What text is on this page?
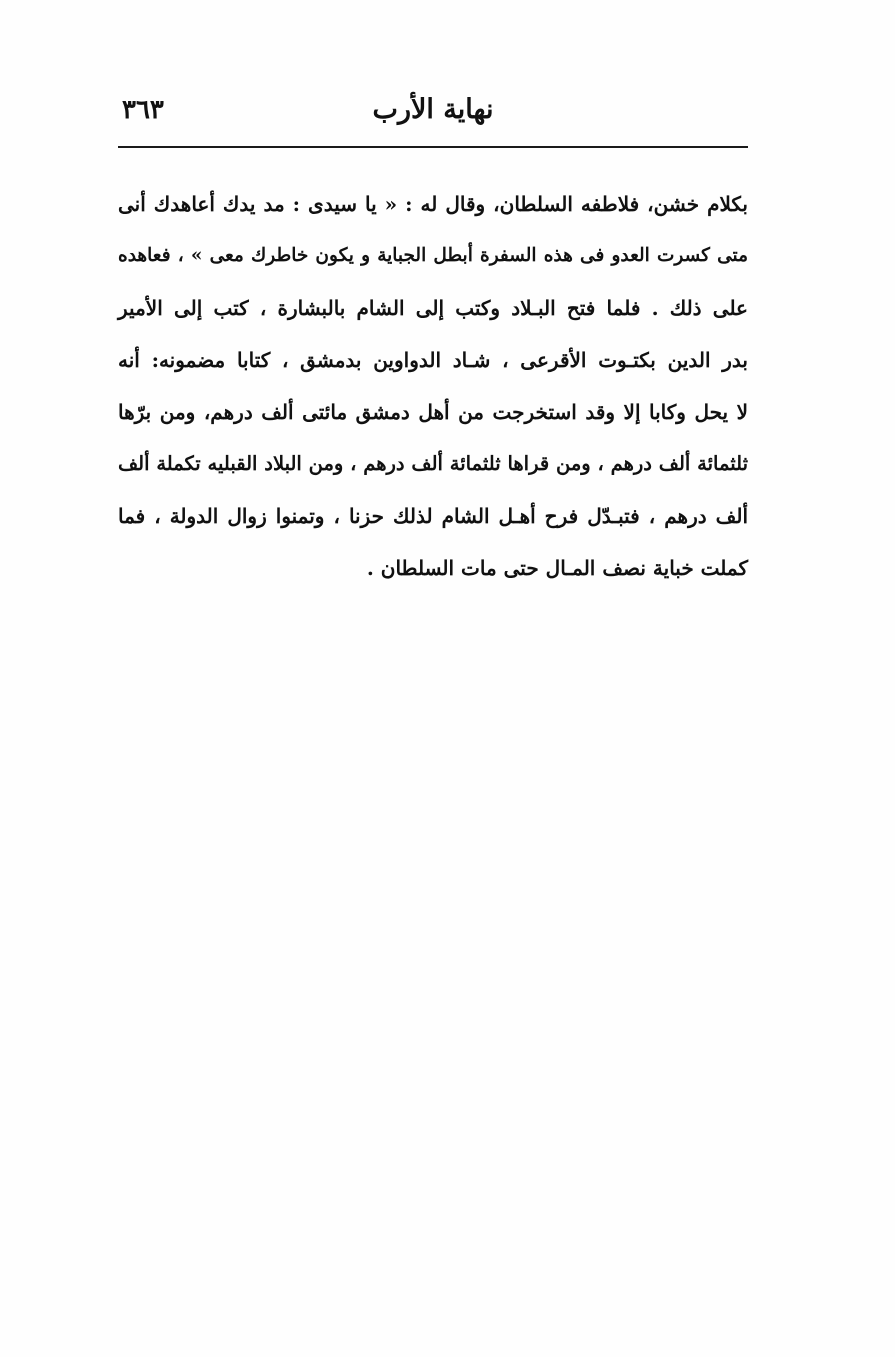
نهاية الأرب
٣٦٣
بكلام خشن، فلاطفه السلطان، وقال له : « يا سيدى : مد يدك أعاهدك أنى
متى كسرت العدو فى هذه السفرة أبطل الجباية و يكون خاطرك معى » ، فعاهده
على ذلك . فلما فتح البـلاد وكتب إلى الشام بالبشارة ، كتب إلى الأمير
بدر الدين بكتـوت الأقرعى ، شـاد الدواوين بدمشق ، كتابا مضمونه: أنه
لا يحل وكابا إلا وقد استخرجت من أهل دمشق مائتى ألف درهم، ومن برّها
ثلثمائة ألف درهم ، ومن قراها ثلثمائة ألف درهم ، ومن البلاد القبليه تكملة ألف
ألف درهم ، فتبـدّل فرح أهـل الشام لذلك حزنا ، وتمنوا زوال الدولة ، فما
كملت خباية نصف المـال حتى مات السلطان .
